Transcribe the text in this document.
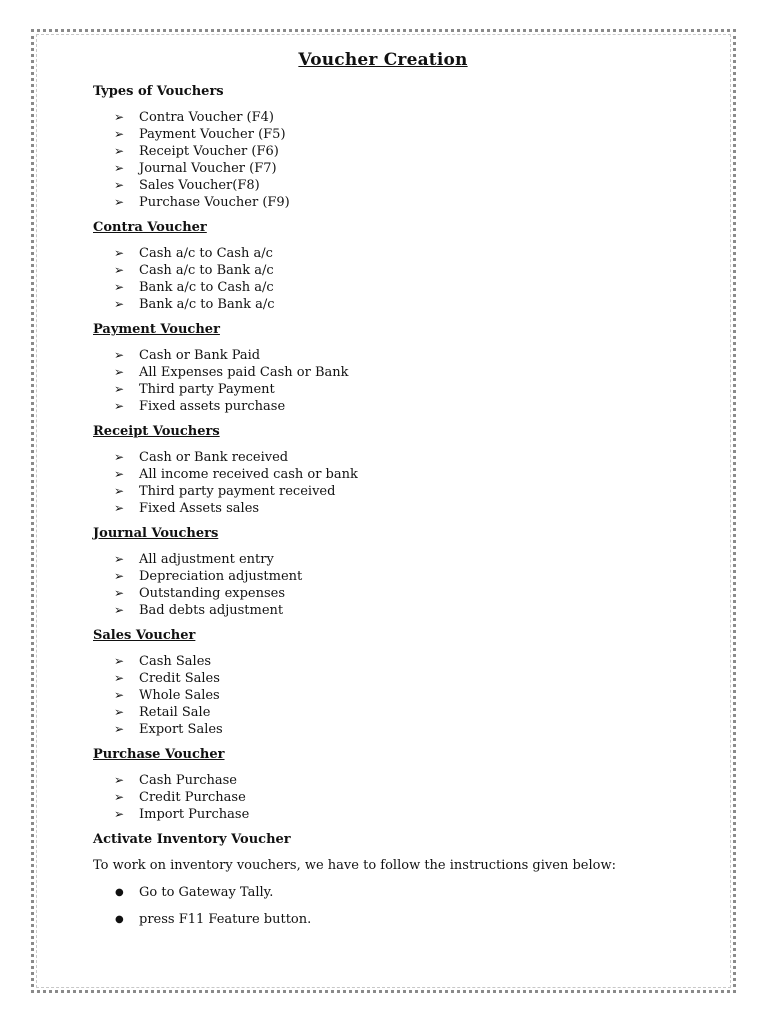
Voucher Creation
Types of Vouchers
➢ Contra Voucher (F4)
➢ Payment Voucher (F5)
➢ Receipt Voucher (F6)
➢ Journal Voucher (F7)
➢ Sales Voucher(F8)
➢ Purchase Voucher (F9)
Contra Voucher
➢ Cash a/c to Cash a/c
➢ Cash a/c to Bank a/c
➢ Bank a/c to Cash a/c
➢ Bank a/c to Bank a/c
Payment Voucher
➢ Cash or Bank Paid
➢ All Expenses paid Cash or Bank
➢ Third party Payment
➢ Fixed assets purchase
Receipt Vouchers
➢ Cash or Bank received
➢ All income received cash or bank
➢ Third party payment received
➢ Fixed Assets sales
Journal Vouchers
➢ All adjustment entry
➢ Depreciation adjustment
➢ Outstanding expenses
➢ Bad debts adjustment
Sales Voucher
➢ Cash Sales
➢ Credit Sales
➢ Whole Sales
➢ Retail Sale
➢ Export Sales
Purchase Voucher
➢ Cash Purchase
➢ Credit Purchase
➢ Import Purchase
Activate Inventory Voucher

To work on inventory vouchers, we have to follow the instructions given below:

● Go to Gateway Tally.
● press F11 Feature button.
